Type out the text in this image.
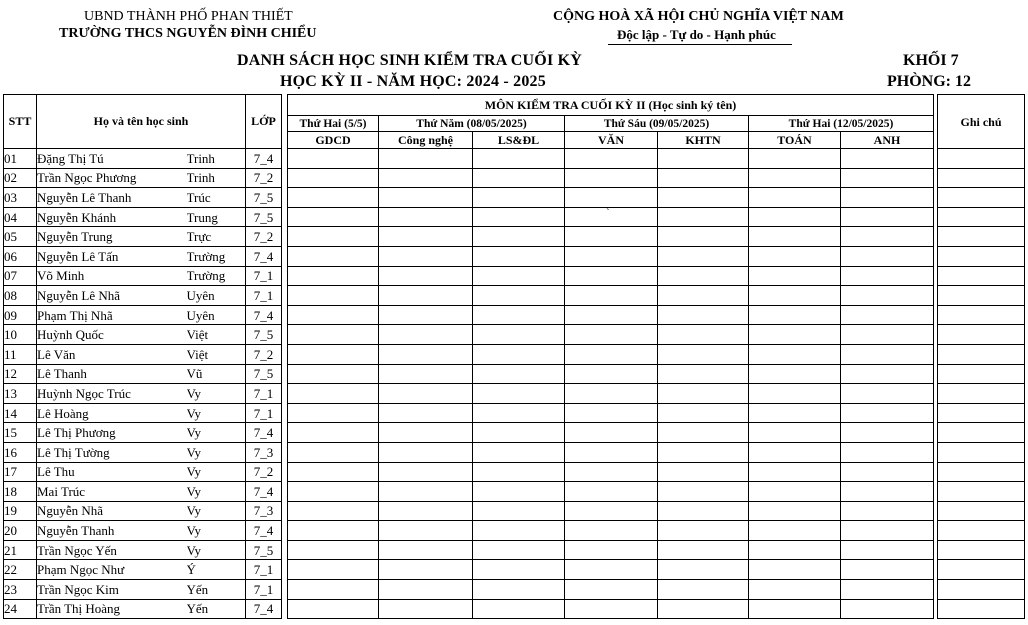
UBND THÀNH PHỐ PHAN THIẾT
TRƯỜNG THCS NGUYỄN ĐÌNH CHIỂU
CỘNG HOÀ XÃ HỘI CHỦ NGHĨA VIỆT NAM
Độc lập - Tự do - Hạnh phúc
DANH SÁCH HỌC SINH KIỂM TRA CUỐI KỲ
HỌC KỲ II - NĂM HỌC: 2024 - 2025
KHỐI 7
PHÒNG: 12
STT	Họ và tên học sinh		LỚP		MÔN KIỂM TRA CUỐI KỲ II (Học sinh ký tên)								Ghi chú
					Thứ Hai (5/5)	Thứ Năm (08/05/2025)		Thứ Sáu (09/05/2025)		Thứ Hai (12/05/2025)			
					GDCD	Công nghệ	LS&ĐL	VĂN	KHTN	TOÁN	ANH		
01	Đặng Thị Tú	Trinh	7_4										
02	Trần Ngọc Phương	Trinh	7_2										
03	Nguyễn Lê Thanh	Trúc	7_5										
04	Nguyễn Khánh	Trung	7_5										
05	Nguyễn Trung	Trực	7_2										
06	Nguyễn Lê Tấn	Trường	7_4										
07	Võ Minh	Trường	7_1										
08	Nguyễn Lê Nhã	Uyên	7_1										
09	Phạm Thị Nhã	Uyên	7_4										
10	Huỳnh Quốc	Việt	7_5										
11	Lê Văn	Việt	7_2										
12	Lê Thanh	Vũ	7_5										
13	Huỳnh Ngọc Trúc	Vy	7_1										
14	Lê Hoàng	Vy	7_1										
15	Lê Thị Phương	Vy	7_4										
16	Lê Thị Tường	Vy	7_3										
17	Lê Thu	Vy	7_2										
18	Mai Trúc	Vy	7_4										
19	Nguyễn Nhã	Vy	7_3										
20	Nguyễn Thanh	Vy	7_4										
21	Trần Ngọc Yến	Vy	7_5										
22	Phạm Ngọc Như	Ý	7_1										
23	Trần Ngọc Kim	Yến	7_1										
24	Trần Thị Hoàng	Yến	7_4										
`
